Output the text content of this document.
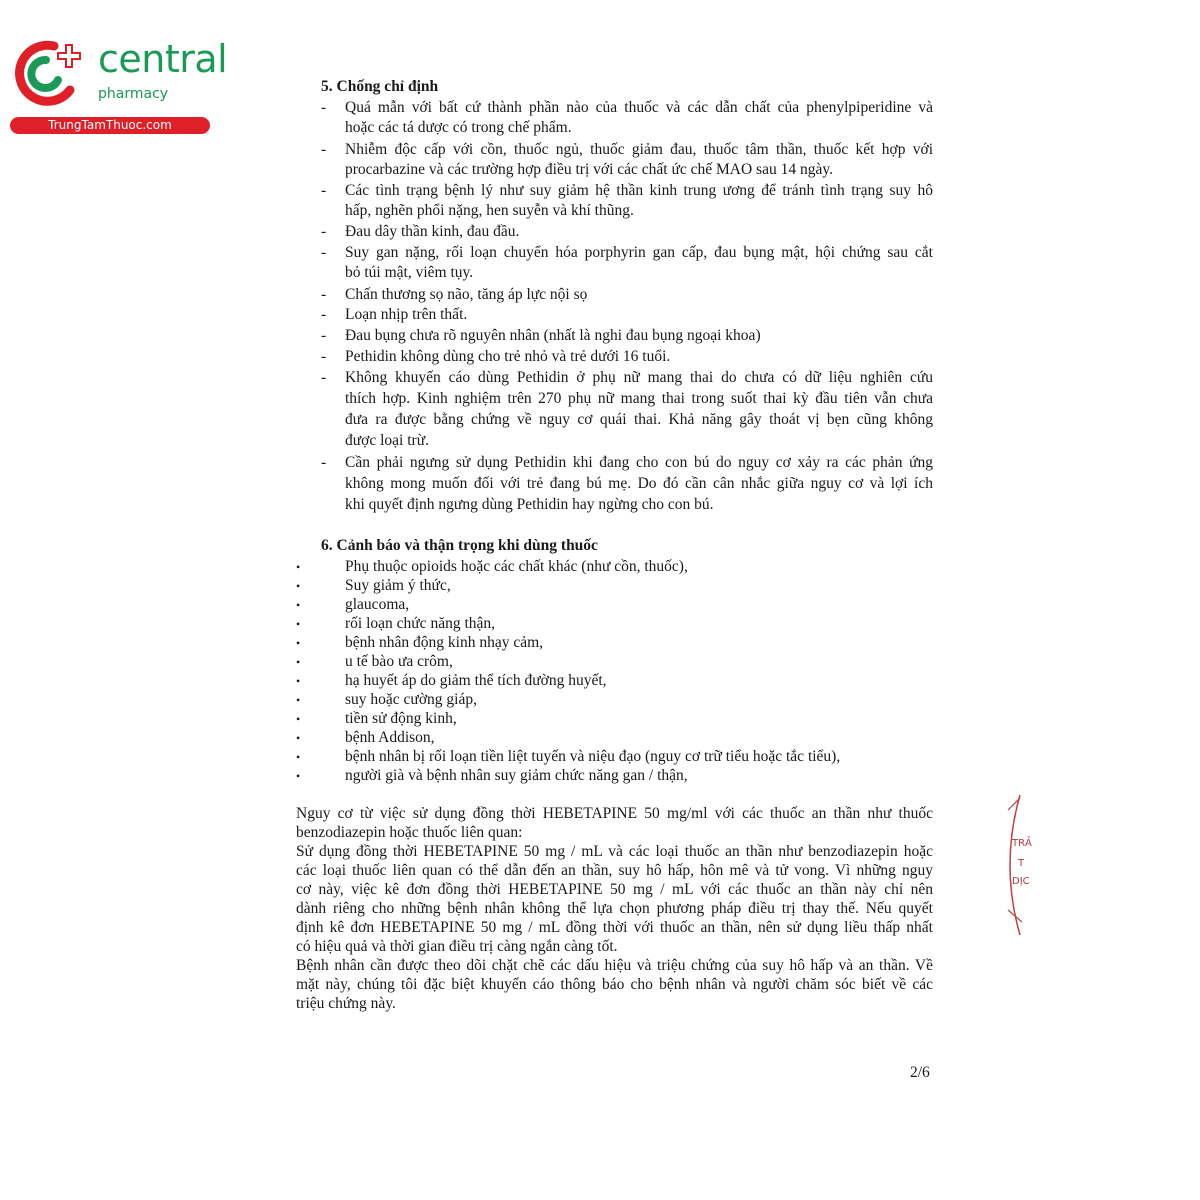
central
pharmacy
TrungTamThuoc.com
5. Chống chỉ định
-
-
-
-
-
-
-
-
-
-
-
Quá mẫn với bất cứ thành phần nào của thuốc và các dẫn chất của phenylpiperidine và
hoặc các tá dược có trong chế phẩm.
Nhiễm độc cấp với cồn, thuốc ngủ, thuốc giảm đau, thuốc tâm thần, thuốc kết hợp với
procarbazine và các trường hợp điều trị với các chất ức chế MAO sau 14 ngày.
Các tình trạng bệnh lý như suy giảm hệ thần kinh trung ương để tránh tình trạng suy hô
hấp, nghẽn phổi nặng, hen suyễn và khí thũng.
Đau dây thần kinh, đau đầu.
Suy gan nặng, rối loạn chuyển hóa porphyrin gan cấp, đau bụng mật, hội chứng sau cắt
bỏ túi mật, viêm tụy.
Chấn thương sọ não, tăng áp lực nội sọ
Loạn nhịp trên thất.
Đau bụng chưa rõ nguyên nhân (nhất là nghi đau bụng ngoại khoa)
Pethidin không dùng cho trẻ nhỏ và trẻ dưới 16 tuổi.
Không khuyến cáo dùng Pethidin ở phụ nữ mang thai do chưa có dữ liệu nghiên cứu
thích hợp. Kinh nghiệm trên 270 phụ nữ mang thai trong suốt thai kỳ đầu tiên vẫn chưa
đưa ra được bằng chứng về nguy cơ quái thai. Khả năng gây thoát vị bẹn cũng không
được loại trừ.
Cần phải ngưng sử dụng Pethidin khi đang cho con bú do nguy cơ xảy ra các phản ứng
không mong muốn đối với trẻ đang bú mẹ. Do đó cần cân nhắc giữa nguy cơ và lợi ích
khi quyết định ngưng dùng Pethidin hay ngừng cho con bú.
6. Cảnh báo và thận trọng khi dùng thuốc
•
•
•
•
•
•
•
•
•
•
•
•
Phụ thuộc opioids hoặc các chất khác (như cồn, thuốc),
Suy giảm ý thức,
glaucoma,
rối loạn chức năng thận,
bệnh nhân động kinh nhạy cảm,
u tế bào ưa crôm,
hạ huyết áp do giảm thể tích đường huyết,
suy hoặc cường giáp,
tiền sử động kinh,
bệnh Addison,
bệnh nhân bị rối loạn tiền liệt tuyến và niệu đạo (nguy cơ trữ tiểu hoặc tắc tiểu),
người già và bệnh nhân suy giảm chức năng gan / thận,
Nguy cơ từ việc sử dụng đồng thời HEBETAPINE 50 mg/ml với các thuốc an thần như thuốc
benzodiazepin hoặc thuốc liên quan:
Sử dụng đồng thời HEBETAPINE 50 mg / mL và các loại thuốc an thần như benzodiazepin hoặc
các loại thuốc liên quan có thể dẫn đến an thần, suy hô hấp, hôn mê và tử vong. Vì những nguy
cơ này, việc kê đơn đồng thời HEBETAPINE 50 mg / mL với các thuốc an thần này chỉ nên
dành riêng cho những bệnh nhân không thể lựa chọn phương pháp điều trị thay thế. Nếu quyết
định kê đơn HEBETAPINE 50 mg / mL đồng thời với thuốc an thần, nên sử dụng liều thấp nhất
có hiệu quả và thời gian điều trị càng ngắn càng tốt.
Bệnh nhân cần được theo dõi chặt chẽ các dấu hiệu và triệu chứng của suy hô hấp và an thần. Về
mặt này, chúng tôi đặc biệt khuyến cáo thông báo cho bệnh nhân và người chăm sóc biết về các
triệu chứng này.
2/6
TRẢ
T
DỊC
